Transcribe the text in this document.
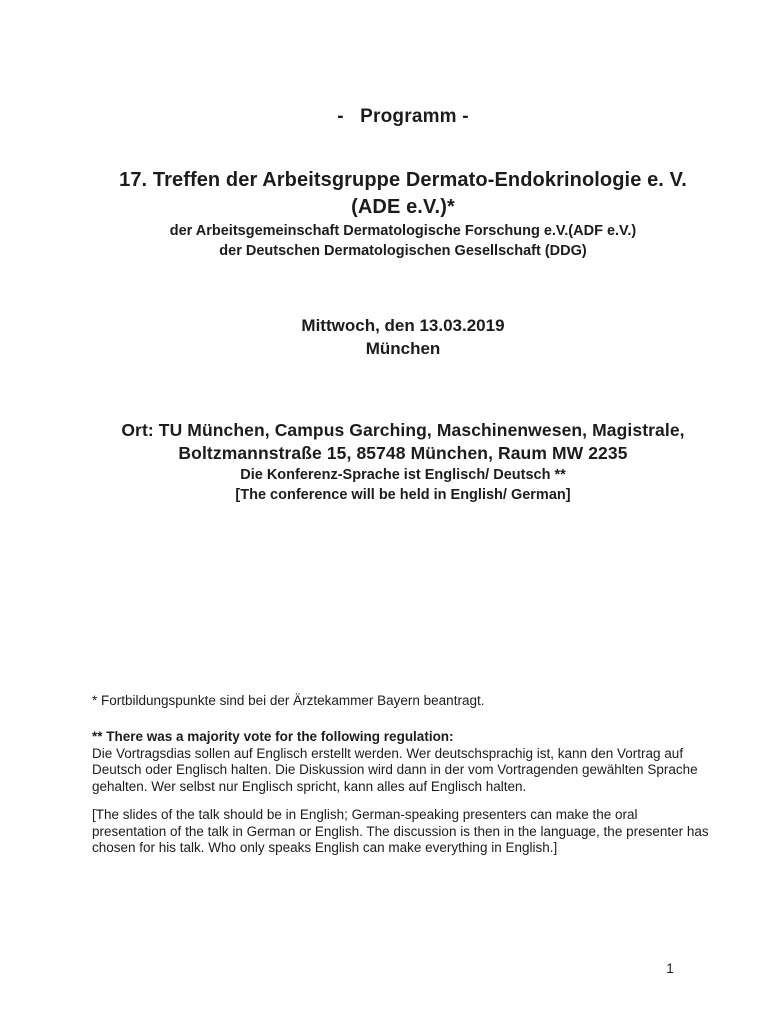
-   Programm -
17. Treffen der Arbeitsgruppe Dermato-Endokrinologie e. V.
(ADE e.V.)*
der Arbeitsgemeinschaft Dermatologische Forschung e.V.(ADF e.V.)
der Deutschen Dermatologischen Gesellschaft (DDG)
Mittwoch, den 13.03.2019
München
Ort: TU München, Campus Garching, Maschinenwesen, Magistrale,
Boltzmannstraße 15, 85748 München, Raum MW 2235
Die Konferenz-Sprache ist Englisch/ Deutsch **
[The conference will be held in English/ German]
* Fortbildungspunkte sind bei der Ärztekammer Bayern beantragt.
** There was a majority vote for the following regulation:
Die Vortragsdias sollen auf Englisch erstellt werden. Wer deutschsprachig ist, kann den Vortrag auf Deutsch oder Englisch halten. Die Diskussion wird dann in der vom Vortragenden gewählten Sprache gehalten. Wer selbst nur Englisch spricht, kann alles auf Englisch halten.
[The slides of the talk should be in English; German-speaking presenters can make the oral presentation of the talk in German or English. The discussion is then in the language, the presenter has chosen for his talk. Who only speaks English can make everything in English.]
1
